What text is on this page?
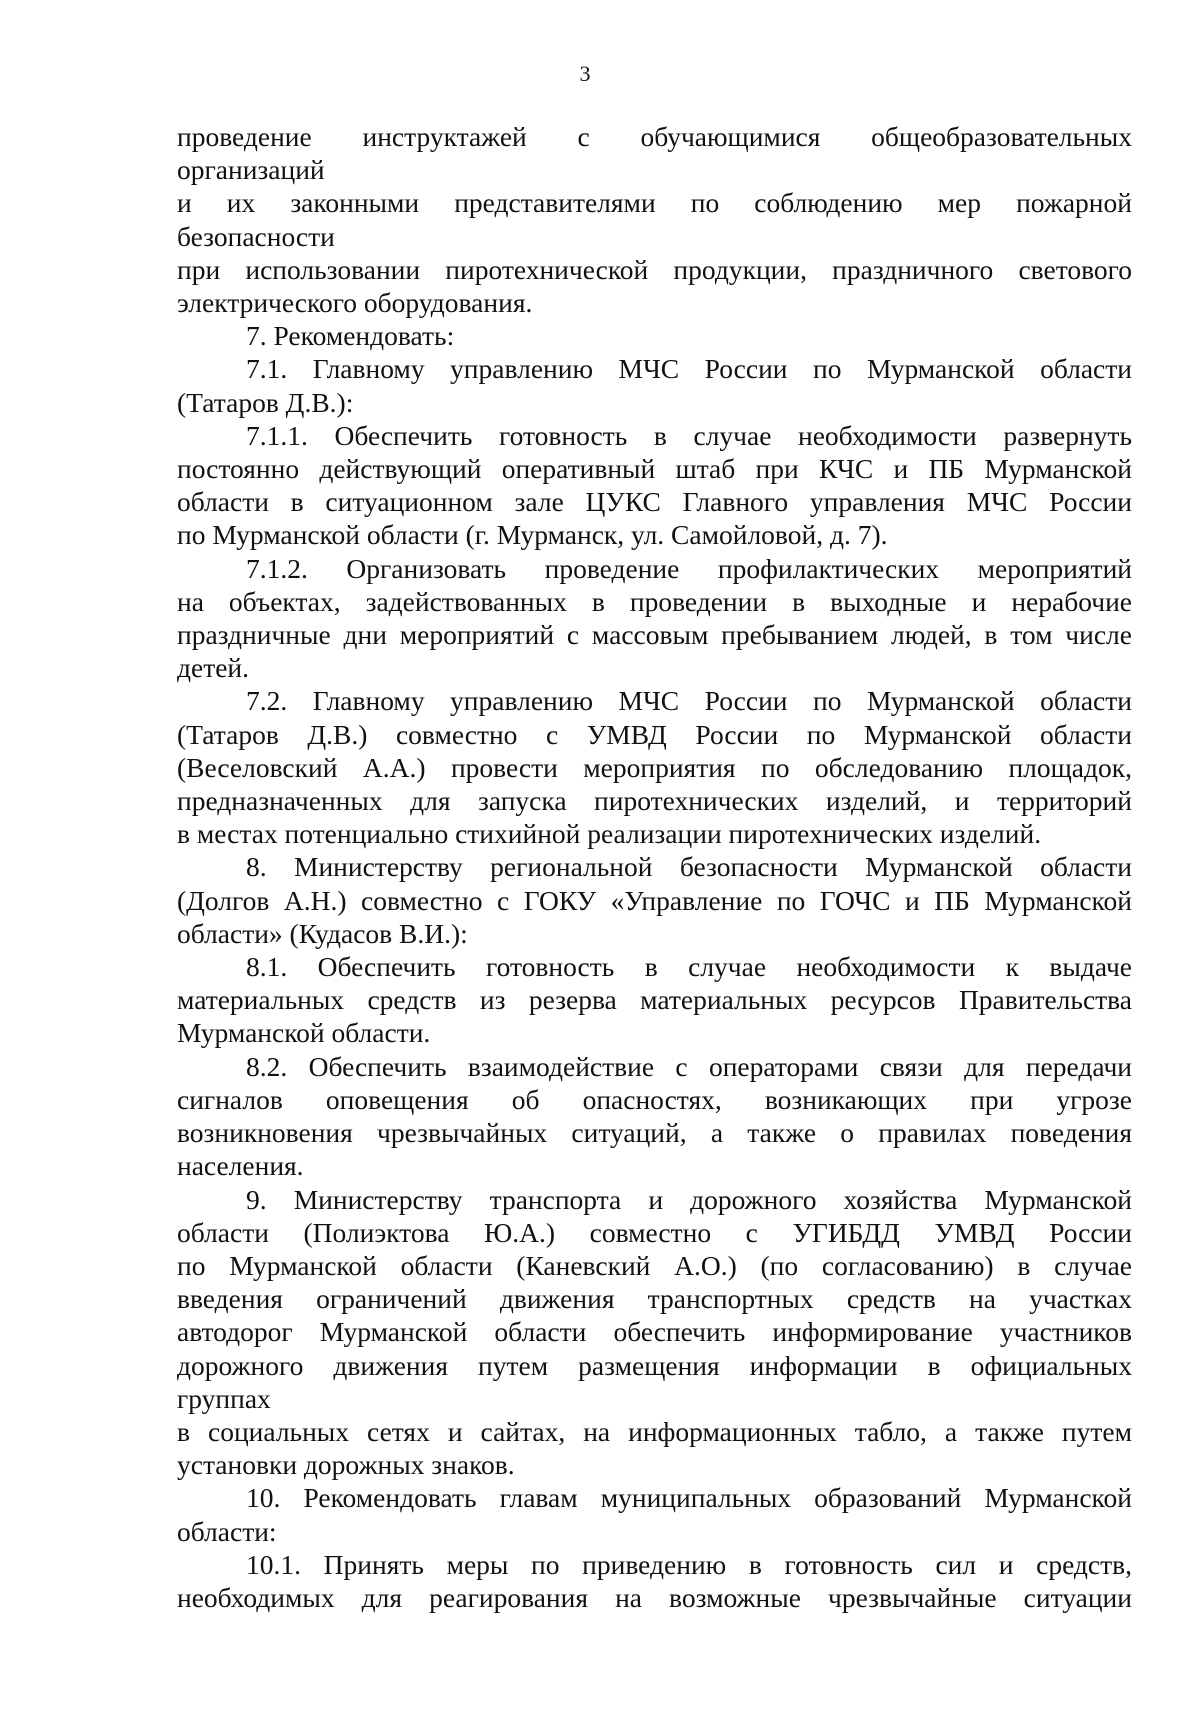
3

проведение инструктажей с обучающимися общеобразовательных

организаций

и их законными представителями по соблюдению мер пожарной

безопасности

при использовании пиротехнической продукции, праздничного светового

электрического оборудования.

7. Рекомендовать:

7.1. Главному управлению МЧС России по Мурманской области

(Татаров Д.В.):

7.1.1. Обеспечить готовность в случае необходимости развернуть

постоянно действующий оперативный штаб при КЧС и ПБ Мурманской

области в ситуационном зале ЦУКС Главного управления МЧС России

по Мурманской области (г. Мурманск, ул. Самойловой, д. 7).

7.1.2. Организовать проведение профилактических мероприятий

на объектах, задействованных в проведении в выходные и нерабочие

праздничные дни мероприятий с массовым пребыванием людей, в том числе

детей.

7.2. Главному управлению МЧС России по Мурманской области

(Татаров Д.В.) совместно с УМВД России по Мурманской области

(Веселовский А.А.) провести мероприятия по обследованию площадок,

предназначенных для запуска пиротехнических изделий, и территорий

в местах потенциально стихийной реализации пиротехнических изделий.

8. Министерству региональной безопасности Мурманской области

(Долгов А.Н.) совместно с ГОКУ «Управление по ГОЧС и ПБ Мурманской

области» (Кудасов В.И.):

8.1. Обеспечить готовность в случае необходимости к выдаче

материальных средств из резерва материальных ресурсов Правительства

Мурманской области.

8.2. Обеспечить взаимодействие с операторами связи для передачи

сигналов оповещения об опасностях, возникающих при угрозе

возникновения чрезвычайных ситуаций, а также о правилах поведения

населения.

9. Министерству транспорта и дорожного хозяйства Мурманской

области (Полиэктова Ю.А.) совместно с УГИБДД УМВД России

по Мурманской области (Каневский А.О.) (по согласованию) в случае

введения ограничений движения транспортных средств на участках

автодорог Мурманской области обеспечить информирование участников

дорожного движения путем размещения информации в официальных

группах

в социальных сетях и сайтах, на информационных табло, а также путем

установки дорожных знаков.

10. Рекомендовать главам муниципальных образований Мурманской

области:

10.1. Принять меры по приведению в готовность сил и средств,

необходимых для реагирования на возможные чрезвычайные ситуации
